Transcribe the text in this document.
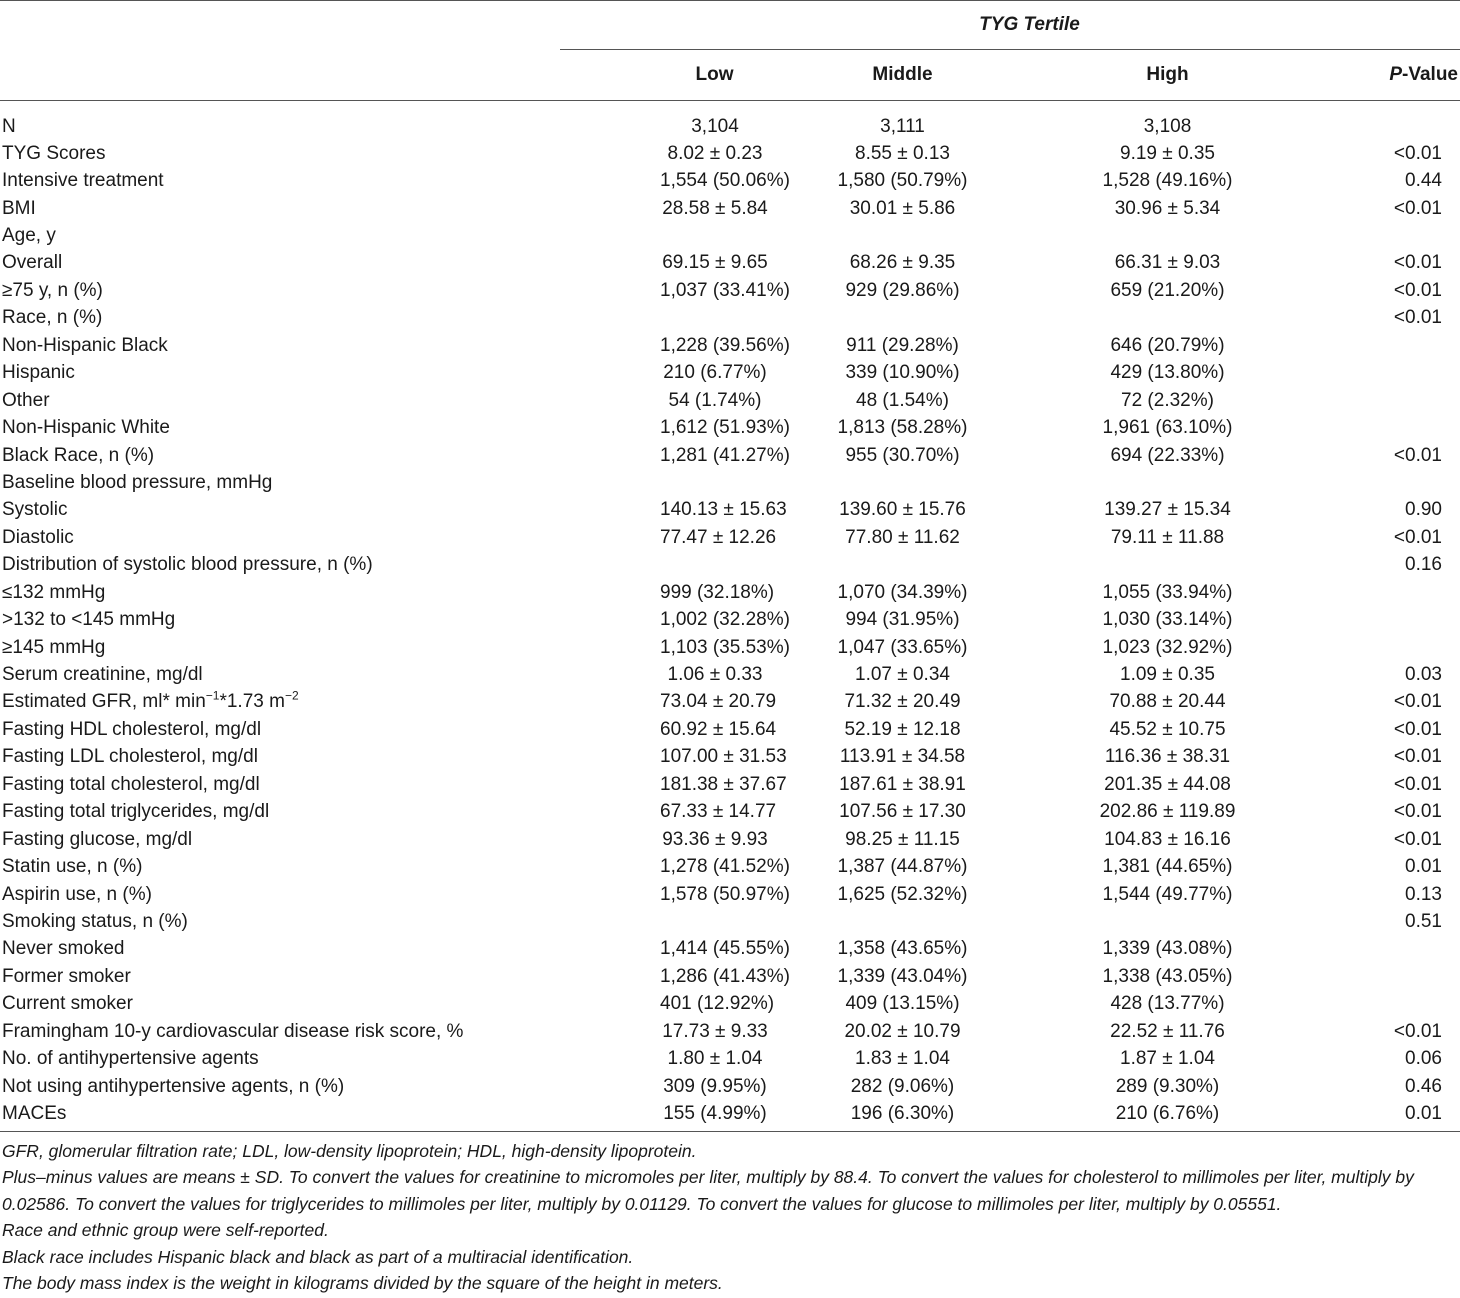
	TYG Tertile			
	Low	Middle	High	P-Value
N	3,104	3,111	3,108	
TYG Scores	8.02 ± 0.23	8.55 ± 0.13	9.19 ± 0.35	<0.01
Intensive treatment	1,554 (50.06%)	1,580 (50.79%)	1,528 (49.16%)	0.44
BMI	28.58 ± 5.84	30.01 ± 5.86	30.96 ± 5.34	<0.01
Age, y				
Overall	69.15 ± 9.65	68.26 ± 9.35	66.31 ± 9.03	<0.01
≥75 y, n (%)	1,037 (33.41%)	929 (29.86%)	659 (21.20%)	<0.01
Race, n (%)				<0.01
Non-Hispanic Black	1,228 (39.56%)	911 (29.28%)	646 (20.79%)	
Hispanic	210 (6.77%)	339 (10.90%)	429 (13.80%)	
Other	54 (1.74%)	48 (1.54%)	72 (2.32%)	
Non-Hispanic White	1,612 (51.93%)	1,813 (58.28%)	1,961 (63.10%)	
Black Race, n (%)	1,281 (41.27%)	955 (30.70%)	694 (22.33%)	<0.01
Baseline blood pressure, mmHg				
Systolic	140.13 ± 15.63	139.60 ± 15.76	139.27 ± 15.34	0.90
Diastolic	77.47 ± 12.26	77.80 ± 11.62	79.11 ± 11.88	<0.01
Distribution of systolic blood pressure, n (%)				0.16
≤132 mmHg	999 (32.18%)	1,070 (34.39%)	1,055 (33.94%)	
>132 to <145 mmHg	1,002 (32.28%)	994 (31.95%)	1,030 (33.14%)	
≥145 mmHg	1,103 (35.53%)	1,047 (33.65%)	1,023 (32.92%)	
Serum creatinine, mg/dl	1.06 ± 0.33	1.07 ± 0.34	1.09 ± 0.35	0.03
Estimated GFR, ml* $\min^{-1}*1.73$ $m^{-2}$	73.04 ± 20.79	71.32 ± 20.49	70.88 ± 20.44	<0.01
Fasting HDL cholesterol, mg/dl	60.92 ± 15.64	52.19 ± 12.18	45.52 ± 10.75	<0.01
Fasting LDL cholesterol, mg/dl	107.00 ± 31.53	113.91 ± 34.58	116.36 ± 38.31	<0.01
Fasting total cholesterol, mg/dl	181.38 ± 37.67	187.61 ± 38.91	201.35 ± 44.08	<0.01
Fasting total triglycerides, mg/dl	67.33 ± 14.77	107.56 ± 17.30	202.86 ± 119.89	<0.01
Fasting glucose, mg/dl	93.36 ± 9.93	98.25 ± 11.15	104.83 ± 16.16	<0.01
Statin use, n (%)	1,278 (41.52%)	1,387 (44.87%)	1,381 (44.65%)	0.01
Aspirin use, n (%)	1,578 (50.97%)	1,625 (52.32%)	1,544 (49.77%)	0.13
Smoking status, n (%)				0.51
Never smoked	1,414 (45.55%)	1,358 (43.65%)	1,339 (43.08%)	
Former smoker	1,286 (41.43%)	1,339 (43.04%)	1,338 (43.05%)	
Current smoker	401 (12.92%)	409 (13.15%)	428 (13.77%)	
Framingham 10-y cardiovascular disease risk score, %	17.73 ± 9.33	20.02 ± 10.79	22.52 ± 11.76	<0.01
No. of antihypertensive agents	1.80 ± 1.04	1.83 ± 1.04	1.87 ± 1.04	0.06
Not using antihypertensive agents, n (%)	309 (9.95%)	282 (9.06%)	289 (9.30%)	0.46
MACEs	155 (4.99%)	196 (6.30%)	210 (6.76%)	0.01

GFR, glomerular filtration rate; LDL, low-density lipoprotein; HDL, high-density lipoprotein.

Plus–minus values are means ± SD. To convert the values for creatinine to micromoles per liter, multiply by 88.4. To convert the values for cholesterol to millimoles per liter, multiply by 0.02586. To convert the values for triglycerides to millimoles per liter, multiply by 0.01129. To convert the values for glucose to millimoles per liter, multiply by 0.05551.

Race and ethnic group were self-reported.

Black race includes Hispanic black and black as part of a multiracial identification.

The body mass index is the weight in kilograms divided by the square of the height in meters.
